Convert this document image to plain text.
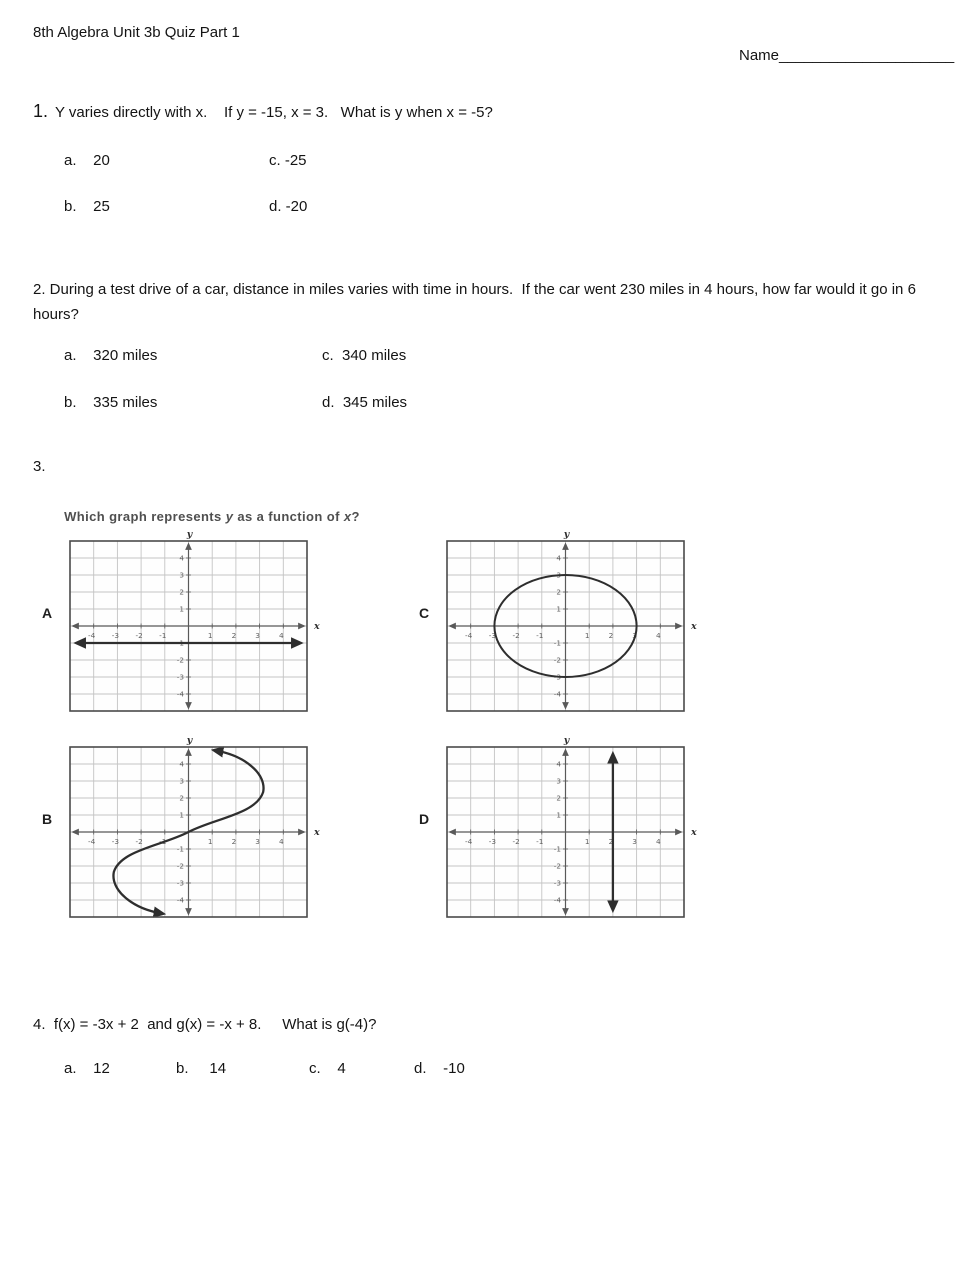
8th Algebra Unit 3b Quiz Part 1
Name_____________________
1. Y varies directly with x.    If y = -15, x = 3.   What is y when x = -5?
a.    20	c. -25
b.    25	d. -20
2. During a test drive of a car, distance in miles varies with time in hours.  If the car went 230 miles in 4 hours, how far would it go in 6 hours?
a.    320 miles	c.  340 miles
b.    335 miles	d.  345 miles
3.

Which graph represents y as a function of x?

A
-4 -3 -2 -1	1	2	3	4
4
3
2
1
-1
-2
-3
-4
y
x
C
-4 -3 -2 -1	1	2	3	4
4
3
2
1
-1
-2
-3
-4
y
x
B
-4 -3 -2 -1	1	2	3	4
4
3
2
1
-1
-2
-3
-4
y
x
D
-4 -3 -2 -1	1	2	3	4
4
3
2
1
-1
-2
-3
-4
y
x
4.  f(x) = -3x + 2  and g(x) = -x + 8.     What is g(-4)?
a.    12	b.     14	c.    4	d.    -10
